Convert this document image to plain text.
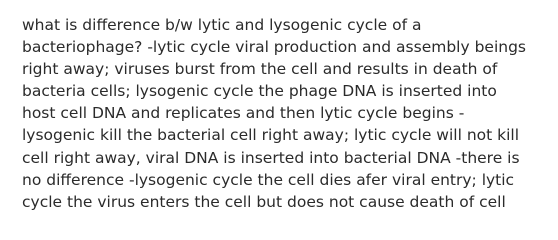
what is difference b/w lytic and lysogenic cycle of a
bacteriophage? -lytic cycle viral production and assembly beings
right away; viruses burst from the cell and results in death of
bacteria cells; lysogenic cycle the phage DNA is inserted into
host cell DNA and replicates and then lytic cycle begins -
lysogenic kill the bacterial cell right away; lytic cycle will not kill
cell right away, viral DNA is inserted into bacterial DNA -there is
no difference -lysogenic cycle the cell dies afer viral entry; lytic
cycle the virus enters the cell but does not cause death of cell
